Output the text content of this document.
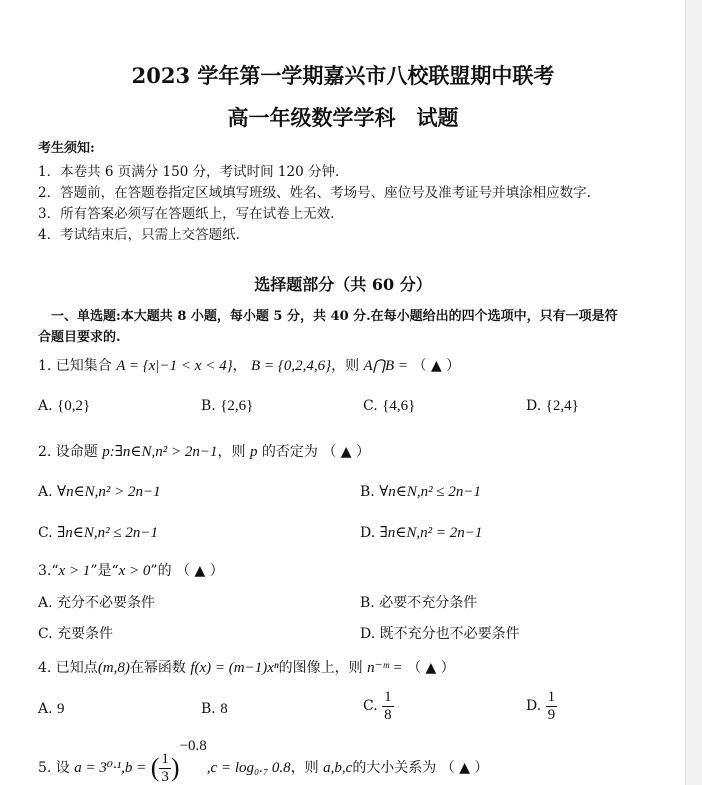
2023 学年第一学期嘉兴市八校联盟期中联考
高一年级数学学科　试题
考生须知:
1．本卷共 6 页满分 150 分，考试时间 120 分钟.
2．答题前，在答题卷指定区域填写班级、姓名、考场号、座位号及准考证号并填涂相应数字.
3．所有答案必须写在答题纸上，写在试卷上无效.
4．考试结束后，只需上交答题纸.
选择题部分（共 60 分）
　一、单选题:本大题共 8 小题，每小题 5 分，共 40 分.在每小题给出的四个选项中，只有一项是符
合题目要求的.
1. 已知集合 A = {x|−1 < x < 4}， B = {0,2,4,6}，则 A⋂B = （ ▲ ）
A. {0,2}	B. {2,6}	C. {4,6}	D. {2,4}
2. 设命题 p:∃n∈N,n² > 2n−1，则 p 的否定为 （ ▲ ）
A. ∀n∈N,n² > 2n−1	B. ∀n∈N,n² ≤ 2n−1
C. ∃n∈N,n² ≤ 2n−1	D. ∃n∈N,n² = 2n−1
3.“x > 1”是“x > 0”的 （ ▲ ）
A. 充分不必要条件	B. 必要不充分条件
C. 充要条件	D. 既不充分也不必要条件
4. 已知点(m,8)在幂函数 f(x) = (m−1)xⁿ的图像上，则 n⁻ᵐ = （ ▲ ）
A. 9	B. 8	C. $\frac{1}{8}$	D. $\frac{1}{9}$
5. 设 a = 3⁰·¹,b = ( $\frac{1}{3} )^{-0.8},c = \log_0._7$ 0.8，则 a,b,c的大小关系为 （ ▲ ）
